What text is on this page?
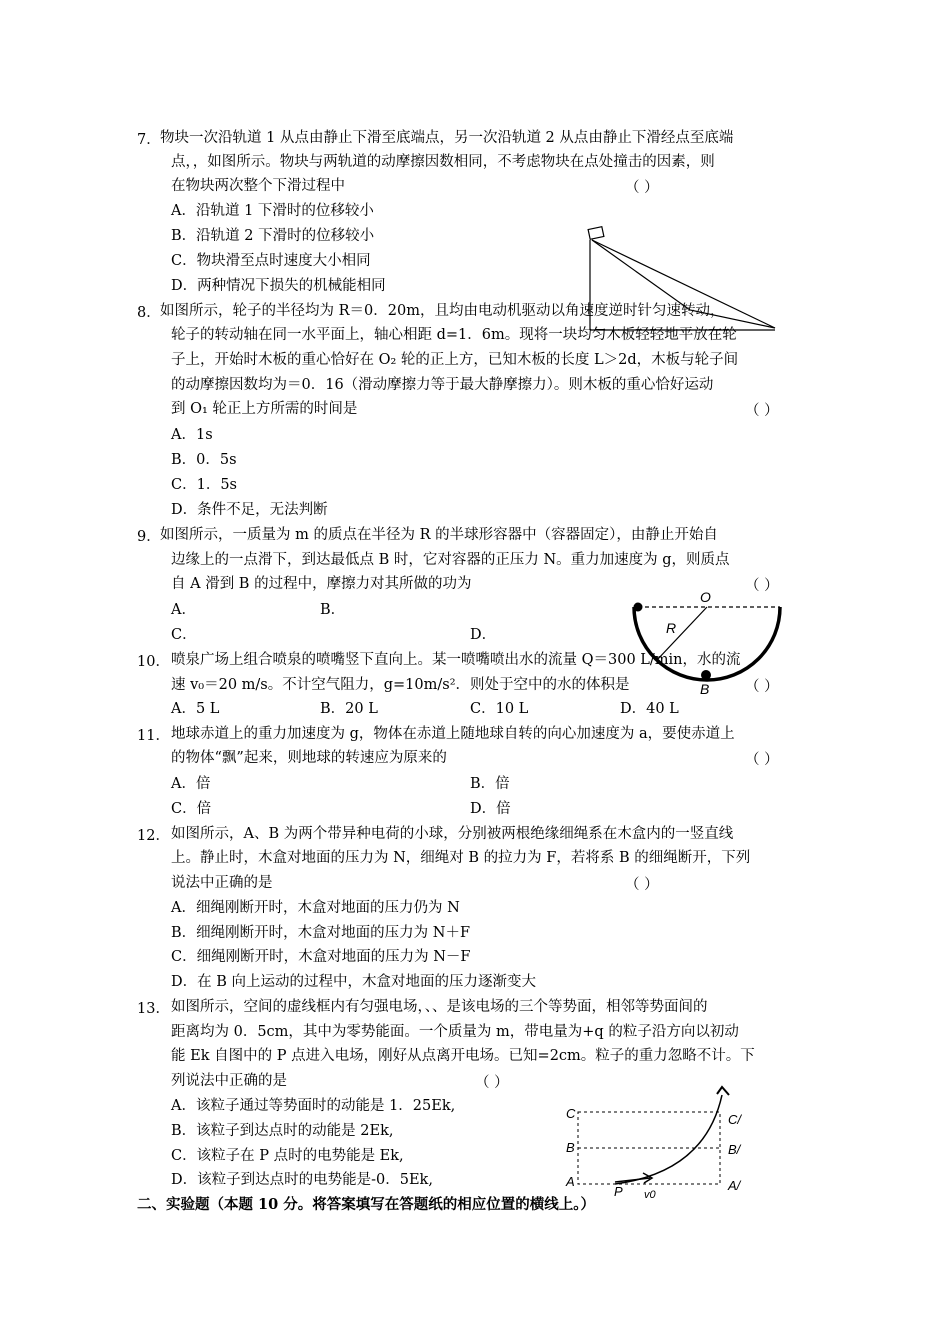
7． 物块一次沿轨道 1 从点由静止下滑至底端点，另一次沿轨道 2 从点由静止下滑经点至底端
点，，如图所示。物块与两轨道的动摩擦因数相同，不考虑物块在点处撞击的因素，则
在物块两次整个下滑过程中	（ ）
A．沿轨道 1 下滑时的位移较小
B．沿轨道 2 下滑时的位移较小
C．物块滑至点时速度大小相同
D．两种情况下损失的机械能相同
8． 如图所示，轮子的半径均为 R＝0．20m，且均由电动机驱动以角速度逆时针匀速转动，
轮子的转动轴在同一水平面上，轴心相距 d=1．6m。现将一块均匀木板轻轻地平放在轮
子上，开始时木板的重心恰好在 O₂ 轮的正上方，已知木板的长度 L＞2d，木板与轮子间
的动摩擦因数均为＝0．16（滑动摩擦力等于最大静摩擦力）。则木板的重心恰好运动
到 O₁ 轮正上方所需的时间是	（ ）
A．1s
B．0．5s
C．1．5s
D．条件不足，无法判断
9． 如图所示，一质量为 m 的质点在半径为 R 的半球形容器中（容器固定），由静止开始自
边缘上的一点滑下，到达最低点 B 时，它对容器的正压力 N。重力加速度为 g，则质点
自 A 滑到 B 的过程中，摩擦力对其所做的功为	（ ）
A．	B．
C．	D．
10． 喷泉广场上组合喷泉的喷嘴竖下直向上。某一喷嘴喷出水的流量 Q＝300 L/min，水的流
速 v₀＝20 m/s。不计空气阻力，g=10m/s²．则处于空中的水的体积是	（ ）
A．5 L	B．20 L	C．10 L	D．40 L
11． 地球赤道上的重力加速度为 g，物体在赤道上随地球自转的向心加速度为 a，要使赤道上
的物体“飘”起来，则地球的转速应为原来的	（ ）
A．倍	B．倍
C．倍	D．倍
12． 如图所示，A、B 为两个带异种电荷的小球，分别被两根绝缘细绳系在木盒内的一竖直线
上。静止时，木盒对地面的压力为 N，细绳对 B 的拉力为 F，若将系 B 的细绳断开，下列
说法中正确的是	（ ）
A．细绳刚断开时，木盒对地面的压力仍为 N
B．细绳刚断开时，木盒对地面的压力为 N＋F
C．细绳刚断开时，木盒对地面的压力为 N－F
D．在 B 向上运动的过程中，木盒对地面的压力逐渐变大
13． 如图所示，空间的虚线框内有匀强电场，、、是该电场的三个等势面，相邻等势面间的
距离均为 0．5cm，其中为零势能面。一个质量为 m，带电量为+q 的粒子沿方向以初动
能 Ek 自图中的 P 点进入电场，刚好从点离开电场。已知=2cm。粒子的重力忽略不计。下
列说法中正确的是	（ ）
A．该粒子通过等势面时的动能是 1．25Ek,
B．该粒子到达点时的动能是 2Ek,
C．该粒子在 P 点时的电势能是 Ek,
D．该粒子到达点时的电势能是-0．5Ek,
二、实验题（本题 10 分。将答案填写在答题纸的相应位置的横线上。）
O
R
B
C
B
A
C/
B/
A/
P v0
